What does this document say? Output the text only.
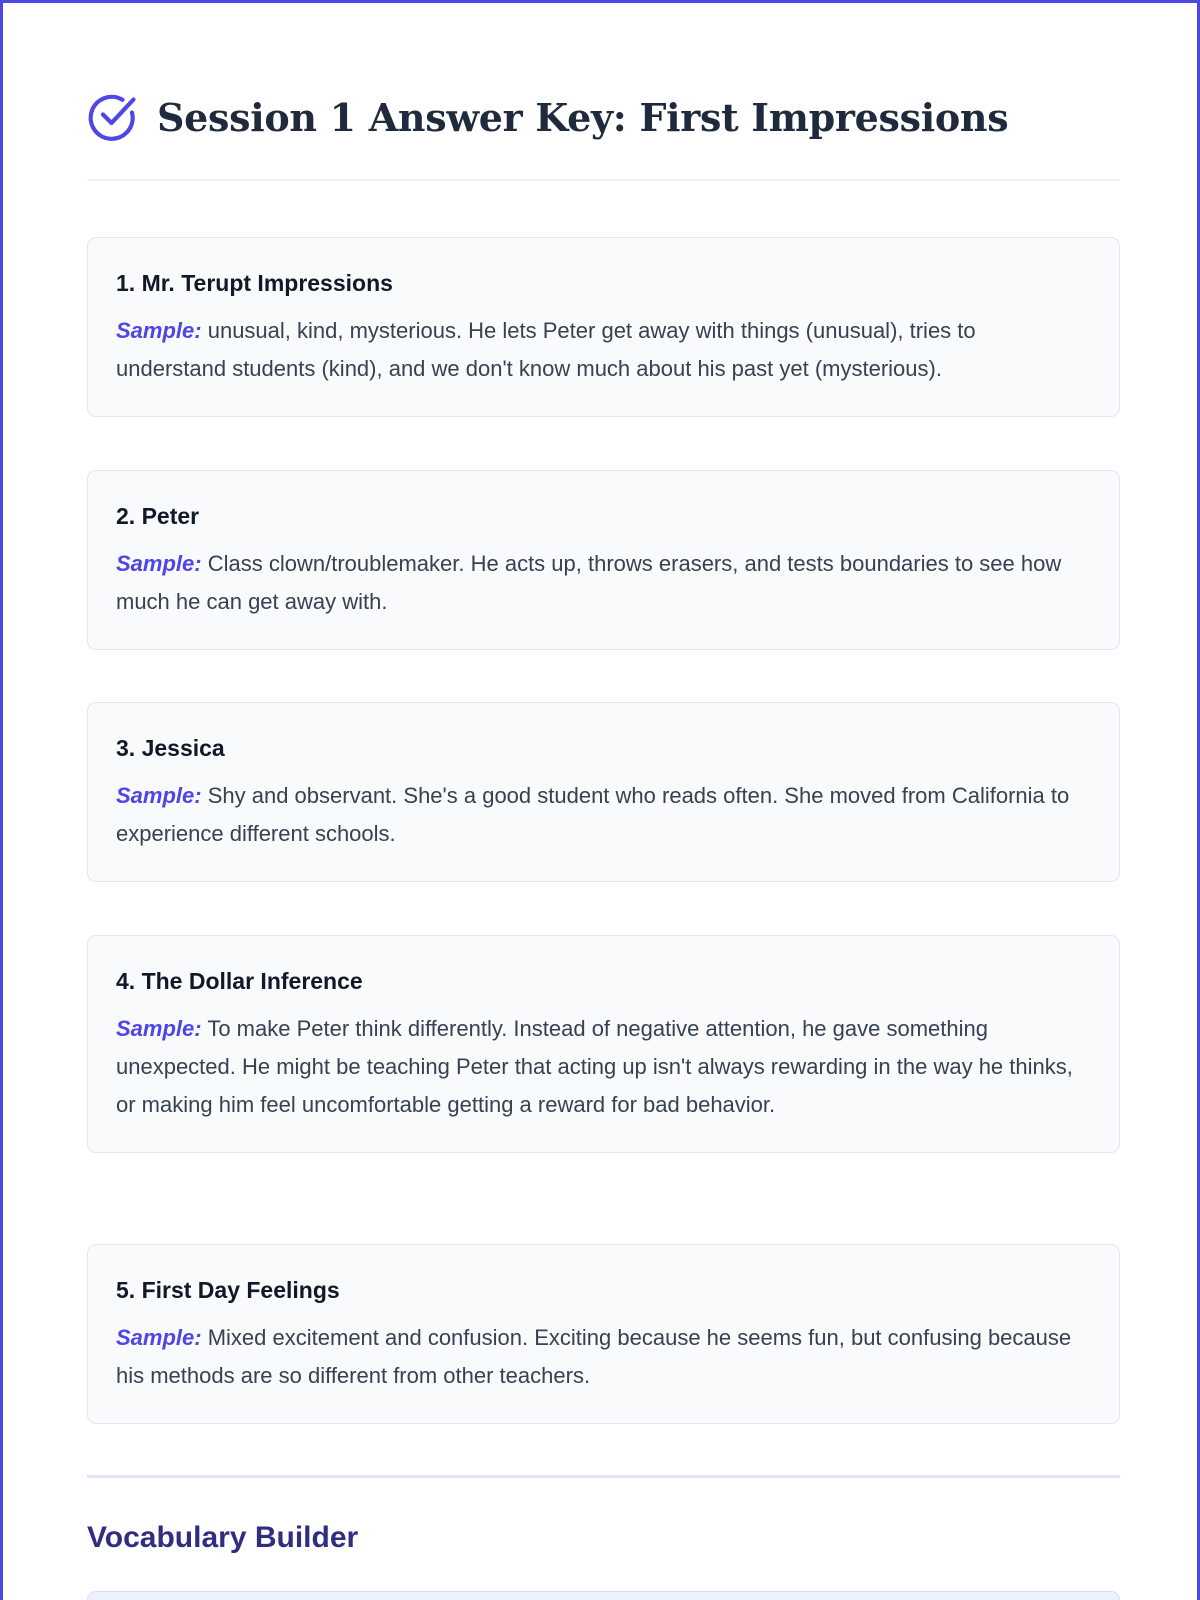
Session 1 Answer Key: First Impressions
1. Mr. Terupt Impressions

Sample: unusual, kind, mysterious. He lets Peter get away with things (unusual), tries to understand students (kind), and we don't know much about his past yet (mysterious).

2. Peter

Sample: Class clown/troublemaker. He acts up, throws erasers, and tests boundaries to see how much he can get away with.

3. Jessica

Sample: Shy and observant. She's a good student who reads often. She moved from California to experience different schools.

4. The Dollar Inference

Sample: To make Peter think differently. Instead of negative attention, he gave something unexpected. He might be teaching Peter that acting up isn't always rewarding in the way he thinks, or making him feel uncomfortable getting a reward for bad behavior.

5. First Day Feelings

Sample: Mixed excitement and confusion. Exciting because he seems fun, but confusing because his methods are so different from other teachers.

Vocabulary Builder
